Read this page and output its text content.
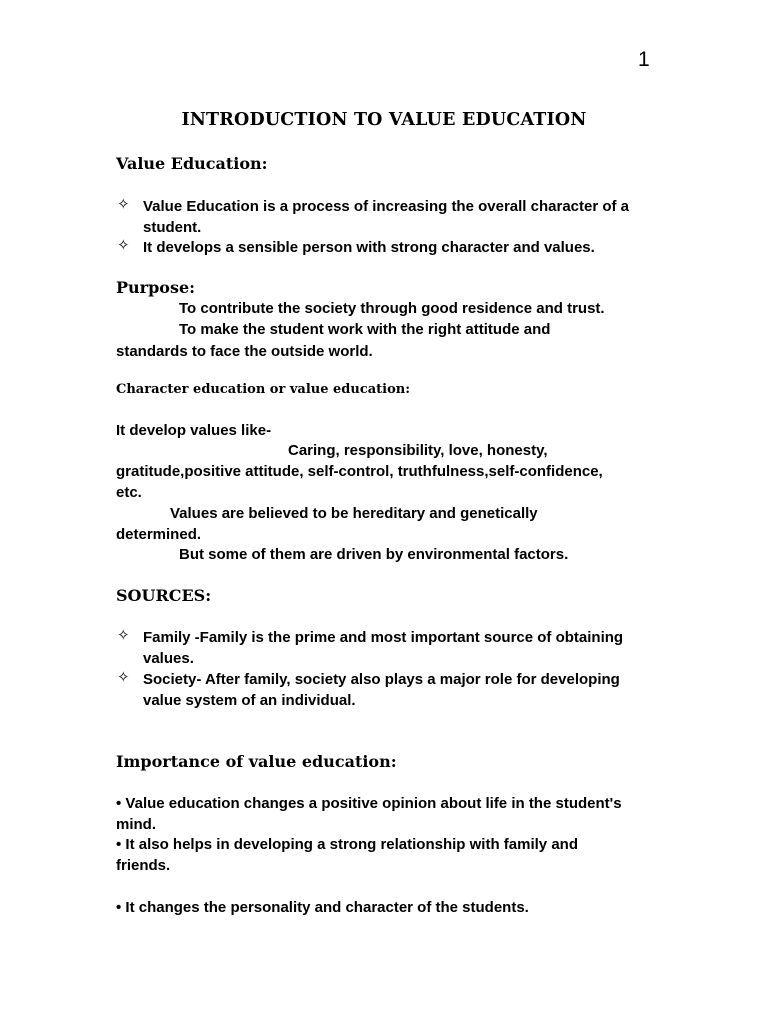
1
INTRODUCTION TO VALUE EDUCATION
Value Education:
✧ Value Education is a process of increasing the overall character of a
student.
✧ It develops a sensible person with strong character and values.
Purpose:
To contribute the society through good residence and trust.
To make the student work with the right attitude and
standards to face the outside world.
Character education or value education:
It develop values like-
Caring, responsibility, love, honesty,
gratitude,positive attitude, self-control, truthfulness,self-confidence,
etc.
Values are believed to be hereditary and genetically
determined.
But some of them are driven by environmental factors.
SOURCES:
✧ Family -Family is the prime and most important source of obtaining
values.
✧ Society- After family, society also plays a major role for developing
value system of an individual.
Importance of value education:
• Value education changes a positive opinion about life in the student's
mind.
• It also helps in developing a strong relationship with family and
friends.
• It changes the personality and character of the students.
